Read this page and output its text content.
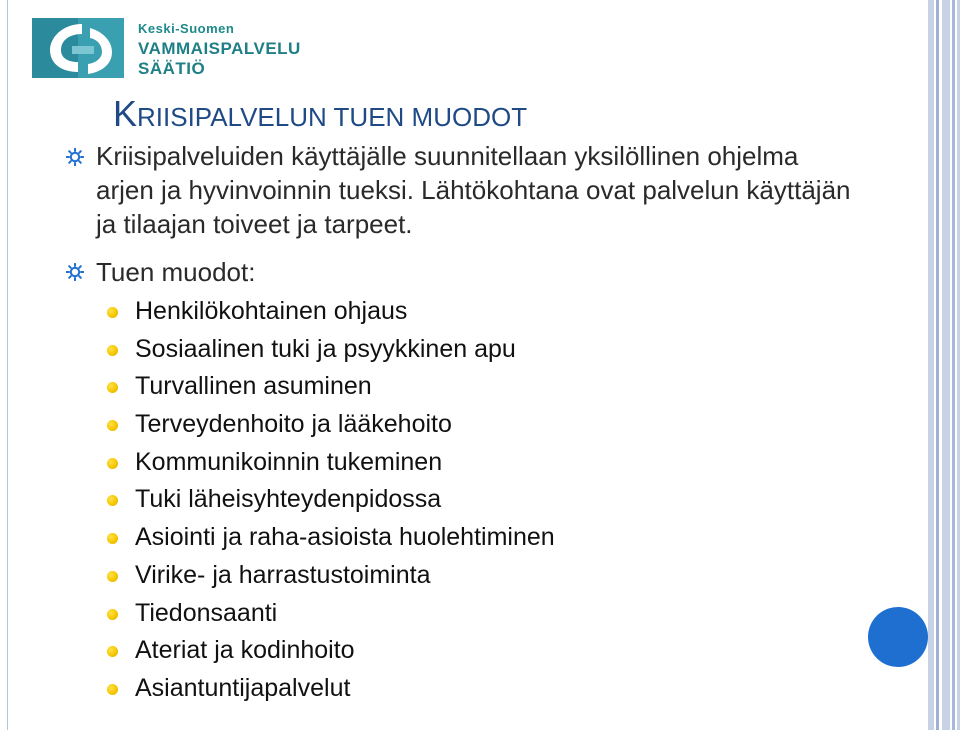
Keski-Suomen
VAMMAISPALVELU
SÄÄTIÖ
KRIISIPALVELUN TUEN MUODOT
Kriisipalveluiden käyttäjälle suunnitellaan yksilöllinen ohjelma arjen ja hyvinvoinnin tueksi. Lähtökohtana ovat palvelun käyttäjän ja tilaajan toiveet ja tarpeet.
Tuen muodot:
Henkilökohtainen ohjaus
Sosiaalinen tuki ja psyykkinen apu
Turvallinen asuminen
Terveydenhoito ja lääkehoito
Kommunikoinnin tukeminen
Tuki läheisyhteydenpidossa
Asiointi ja raha-asioista huolehtiminen
Virike- ja harrastustoiminta
Tiedonsaanti
Ateriat ja kodinhoito
Asiantuntijapalvelut
